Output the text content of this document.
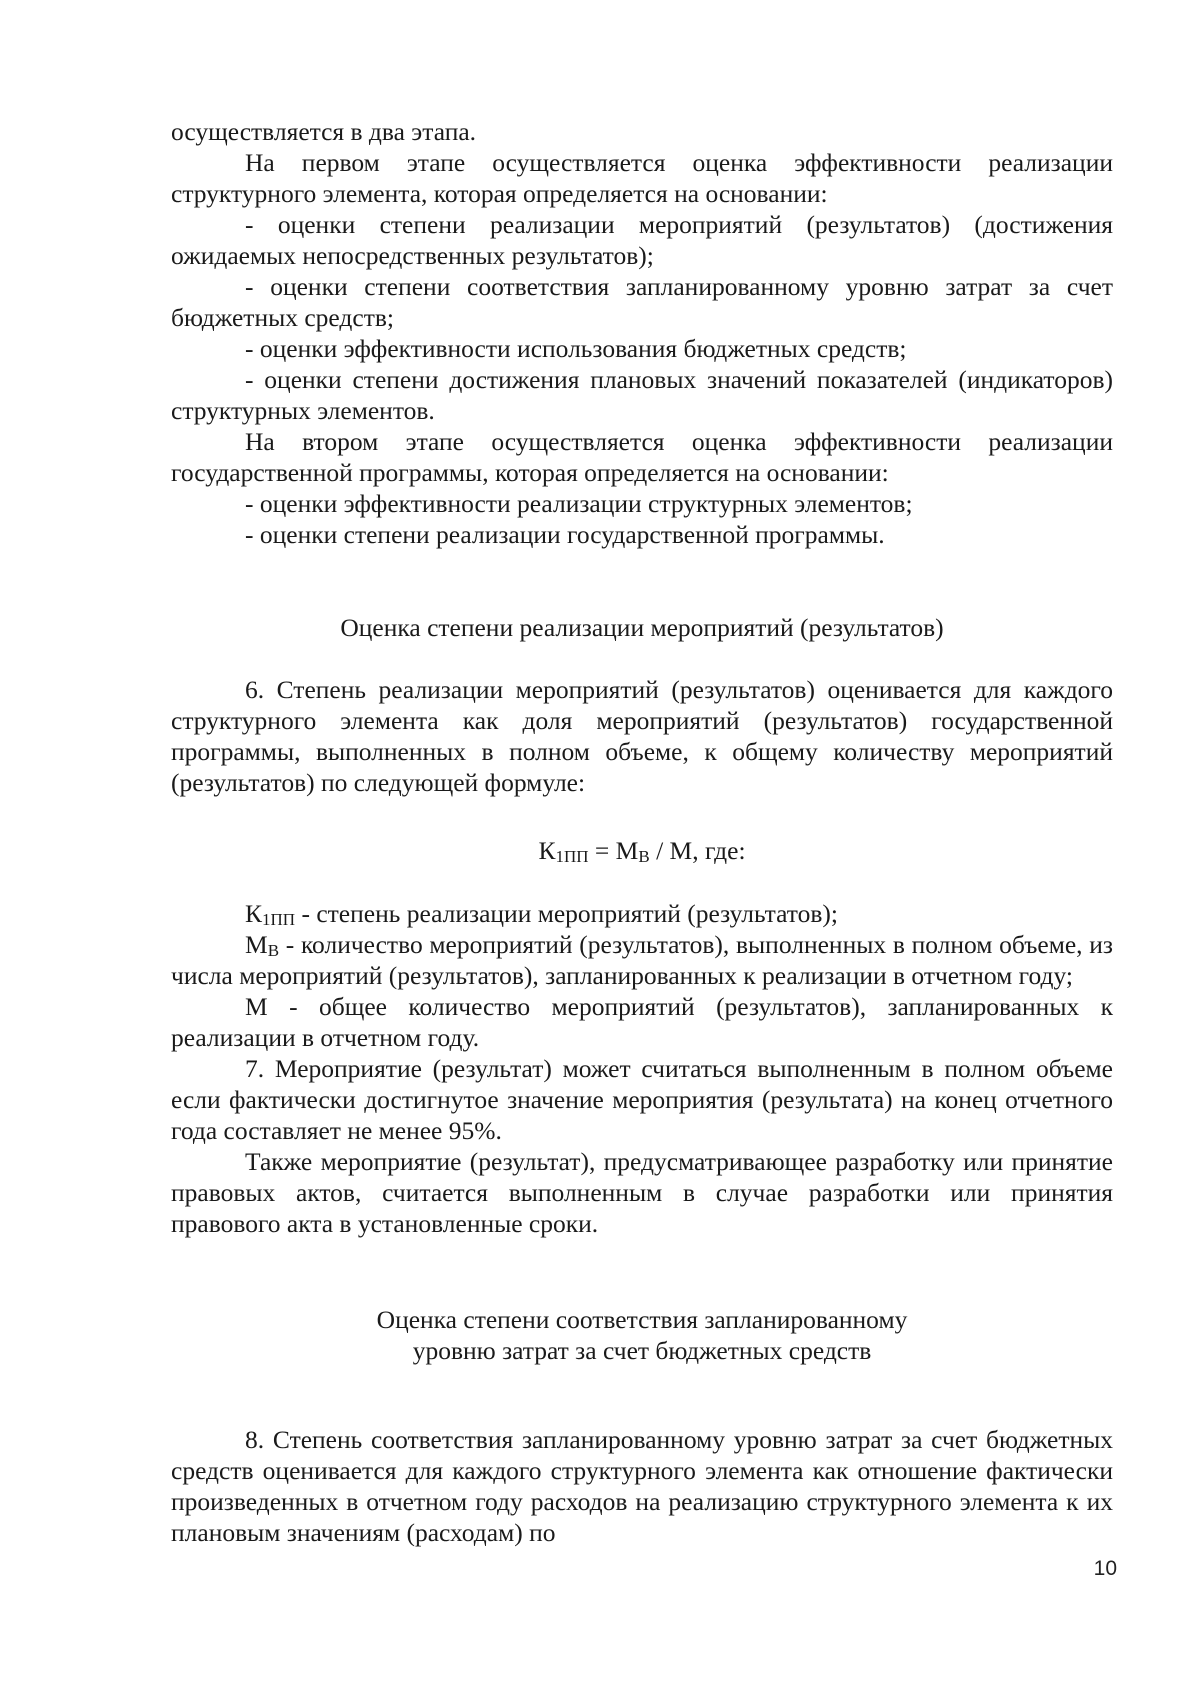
осуществляется в два этапа.

На первом этапе осуществляется оценка эффективности реализации структурного элемента, которая определяется на основании:

- оценки степени реализации мероприятий (результатов) (достижения ожидаемых непосредственных результатов);

- оценки степени соответствия запланированному уровню затрат за счет бюджетных средств;

- оценки эффективности использования бюджетных средств;

- оценки степени достижения плановых значений показателей (индикаторов) структурных элементов.

На втором этапе осуществляется оценка эффективности реализации государственной программы, которая определяется на основании:

- оценки эффективности реализации структурных элементов;

- оценки степени реализации государственной программы.

Оценка степени реализации мероприятий (результатов)

6. Степень реализации мероприятий (результатов) оценивается для каждого структурного элемента как доля мероприятий (результатов) государственной программы, выполненных в полном объеме, к общему количеству мероприятий (результатов) по следующей формуле:

$К_{1ПП} = М_В / М$, где:

$К_{1ПП}$ - степень реализации мероприятий (результатов);

$М_В$ - количество мероприятий (результатов), выполненных в полном объеме, из числа мероприятий (результатов), запланированных к реализации в отчетном году;

М - общее количество мероприятий (результатов), запланированных к реализации в отчетном году.

7. Мероприятие (результат) может считаться выполненным в полном объеме если фактически достигнутое значение мероприятия (результата) на конец отчетного года составляет не менее 95%.

Также мероприятие (результат), предусматривающее разработку или принятие правовых актов, считается выполненным в случае разработки или принятия правового акта в установленные сроки.

Оценка степени соответствия запланированному

уровню затрат за счет бюджетных средств

8. Степень соответствия запланированному уровню затрат за счет бюджетных средств оценивается для каждого структурного элемента как отношение фактически произведенных в отчетном году расходов на реализацию структурного элемента к их плановым значениям (расходам) по

10
